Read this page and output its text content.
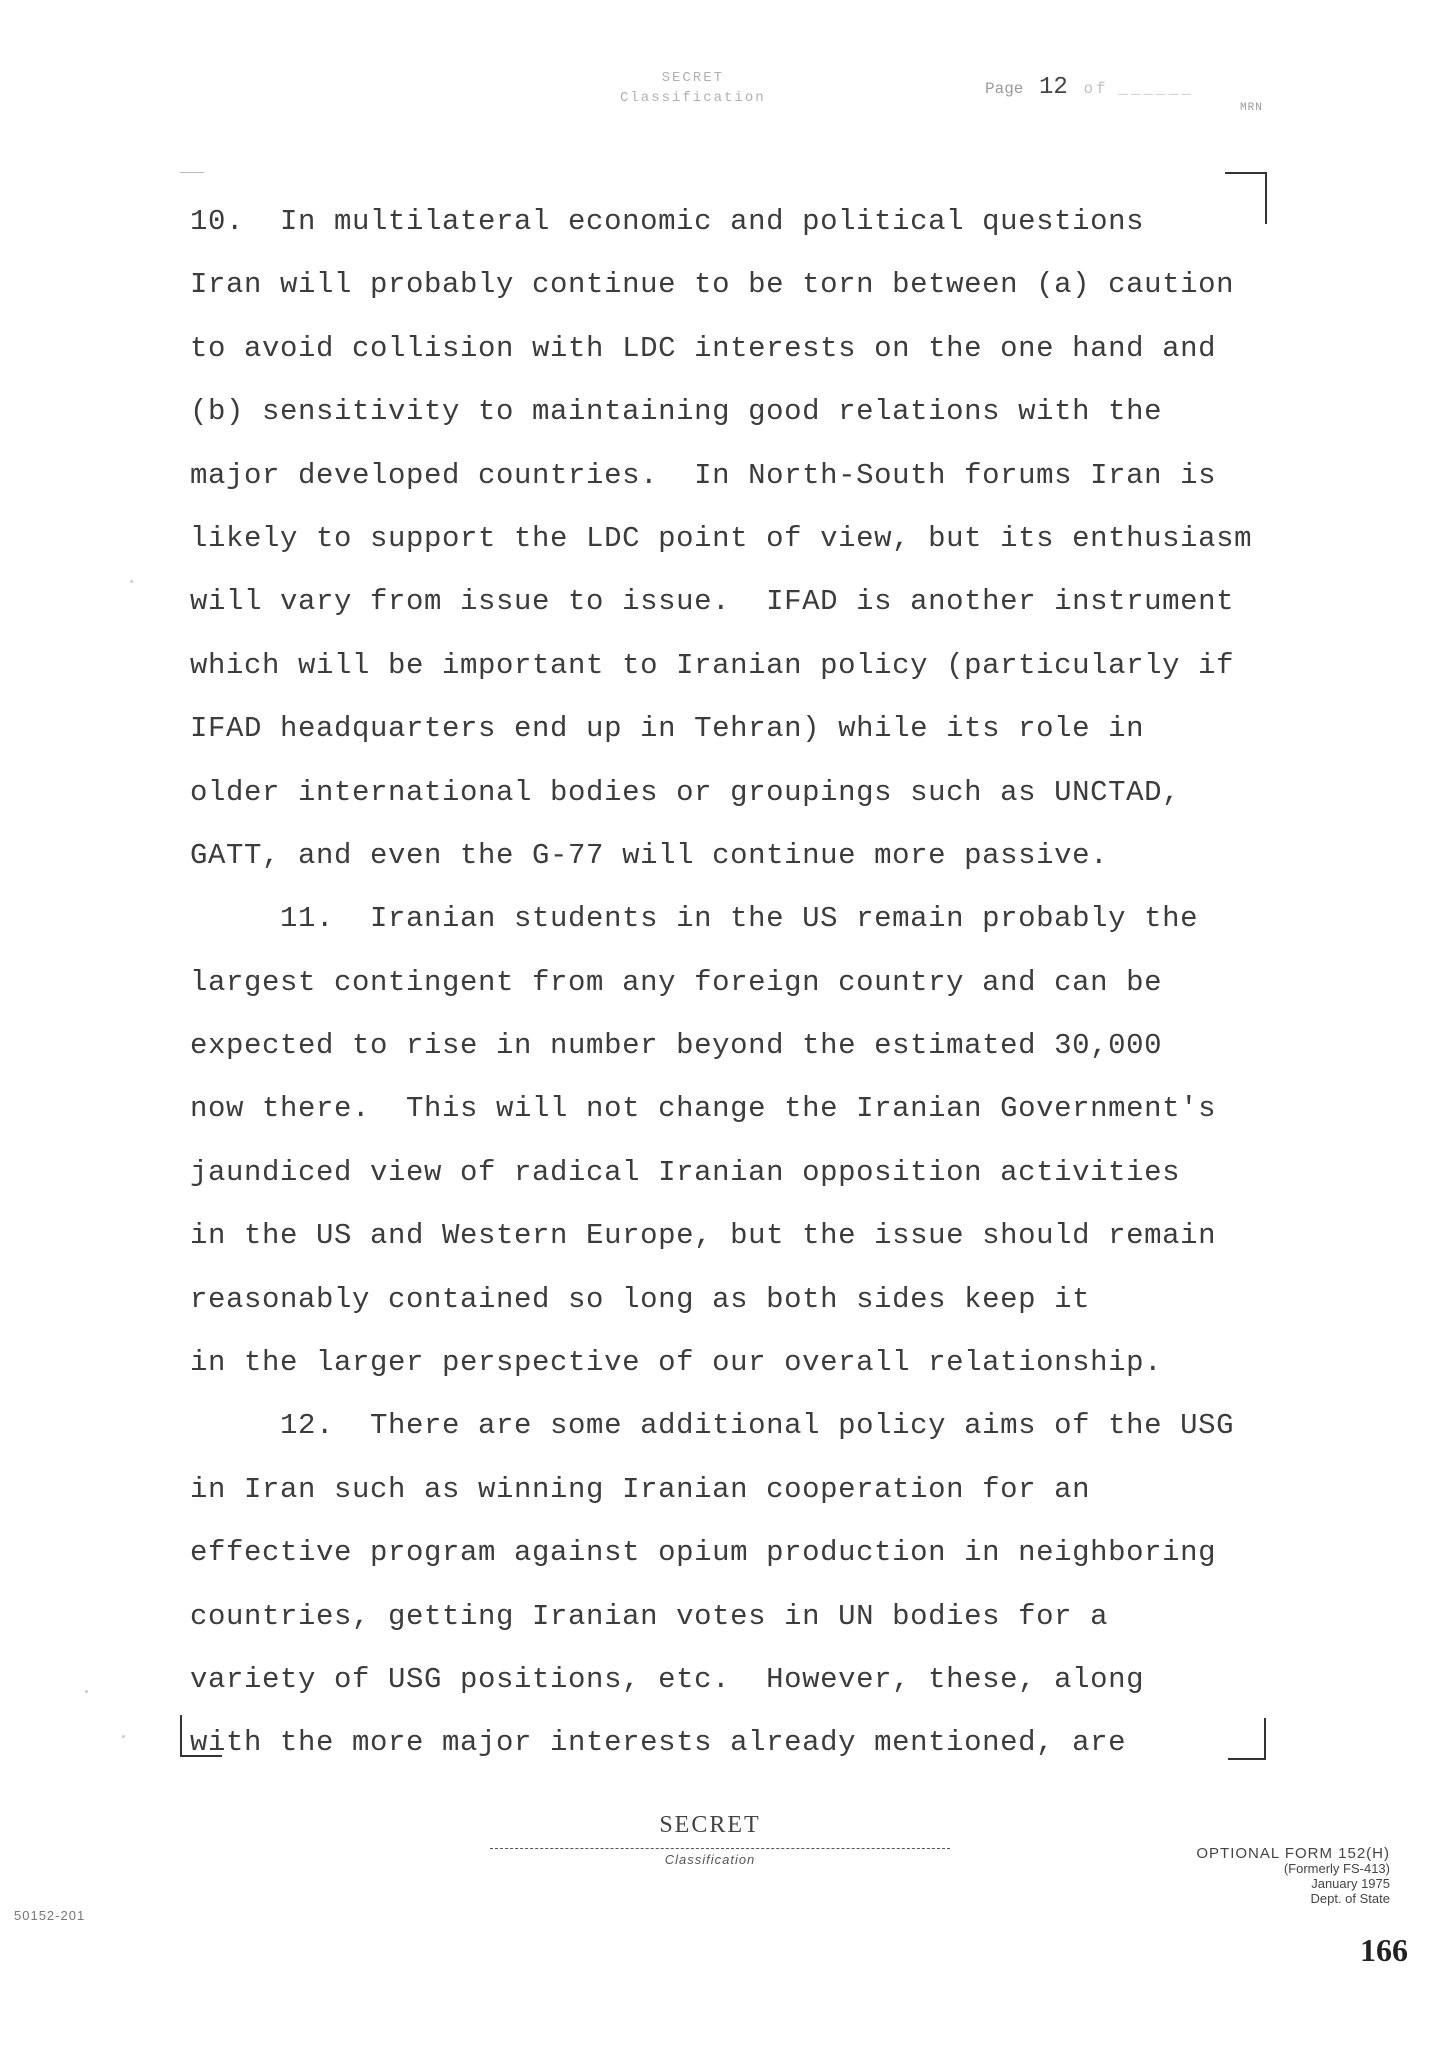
SECRET
Classification	Page 12 of ______
MRN
10.  In multilateral economic and political questions
Iran will probably continue to be torn between (a) caution
to avoid collision with LDC interests on the one hand and
(b) sensitivity to maintaining good relations with the
major developed countries.  In North-South forums Iran is
likely to support the LDC point of view, but its enthusiasm
will vary from issue to issue.  IFAD is another instrument
which will be important to Iranian policy (particularly if
IFAD headquarters end up in Tehran) while its role in
older international bodies or groupings such as UNCTAD,
GATT, and even the G-77 will continue more passive.
11.  Iranian students in the US remain probably the
largest contingent from any foreign country and can be
expected to rise in number beyond the estimated 30,000
now there.  This will not change the Iranian Government's
jaundiced view of radical Iranian opposition activities
in the US and Western Europe, but the issue should remain
reasonably contained so long as both sides keep it
in the larger perspective of our overall relationship.
12.  There are some additional policy aims of the USG
in Iran such as winning Iranian cooperation for an
effective program against opium production in neighboring
countries, getting Iranian votes in UN bodies for a
variety of USG positions, etc.  However, these, along
with the more major interests already mentioned, are
SECRET
Classification	OPTIONAL FORM 152(H)
(Formerly FS-413)
January 1975
Dept. of State
50152-201
166
